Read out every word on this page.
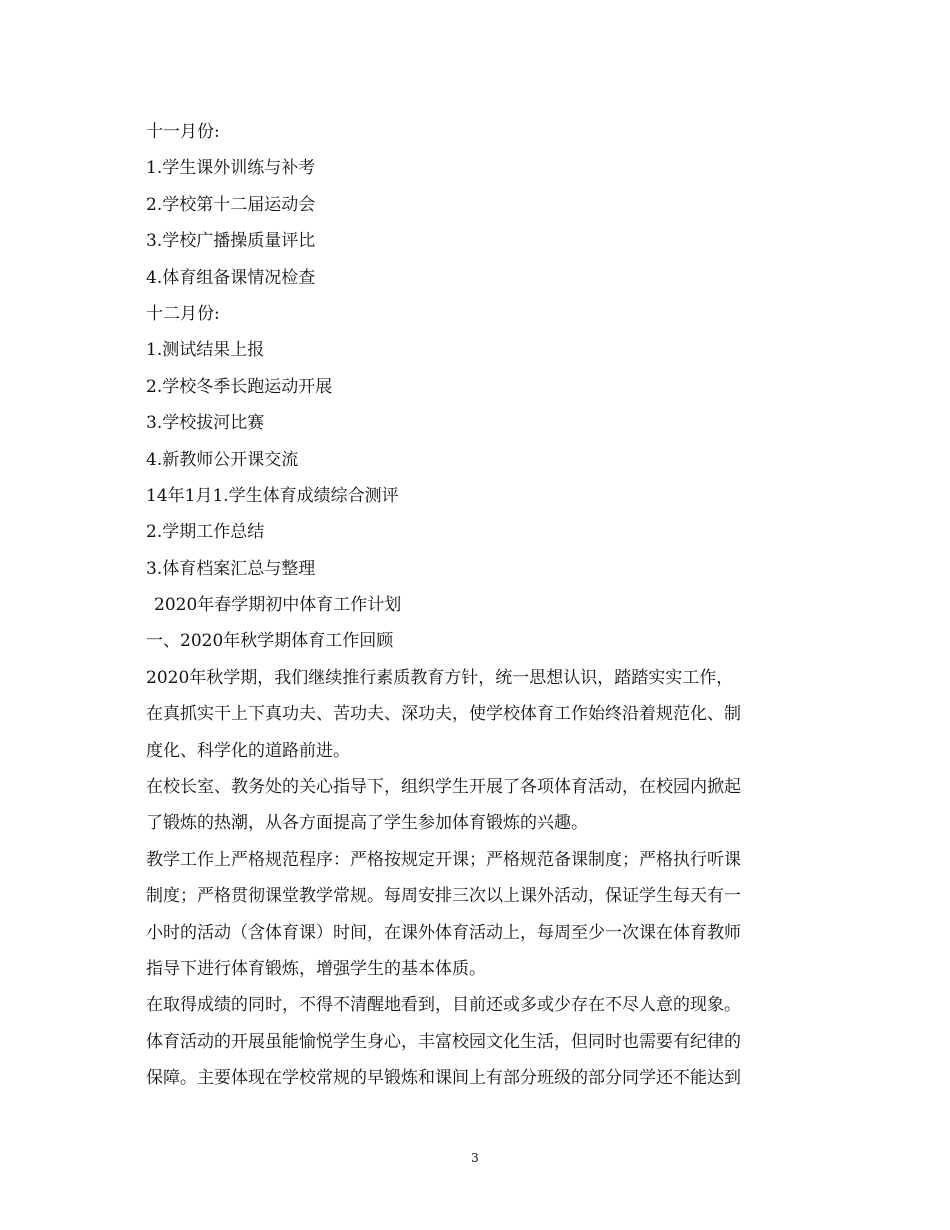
十一月份:

1.学生课外训练与补考

2.学校第十二届运动会

3.学校广播操质量评比

4.体育组备课情况检查

十二月份:

1.测试结果上报

2.学校冬季长跑运动开展

3.学校拔河比赛

4.新教师公开课交流

14年1月1.学生体育成绩综合测评

2.学期工作总结

3.体育档案汇总与整理

2020年春学期初中体育工作计划

一、2020年秋学期体育工作回顾

2020年秋学期，我们继续推行素质教育方针，统一思想认识，踏踏实实工作，
在真抓实干上下真功夫、苦功夫、深功夫，使学校体育工作始终沿着规范化、制
度化、科学化的道路前进。
在校长室、教务处的关心指导下，组织学生开展了各项体育活动，在校园内掀起
了锻炼的热潮，从各方面提高了学生参加体育锻炼的兴趣。
教学工作上严格规范程序：严格按规定开课；严格规范备课制度；严格执行听课
制度；严格贯彻课堂教学常规。每周安排三次以上课外活动，保证学生每天有一
小时的活动（含体育课）时间，在课外体育活动上，每周至少一次课在体育教师
指导下进行体育锻炼，增强学生的基本体质。
在取得成绩的同时，不得不清醒地看到，目前还或多或少存在不尽人意的现象。
体育活动的开展虽能愉悦学生身心，丰富校园文化生活，但同时也需要有纪律的
保障。主要体现在学校常规的早锻炼和课间上有部分班级的部分同学还不能达到
3
